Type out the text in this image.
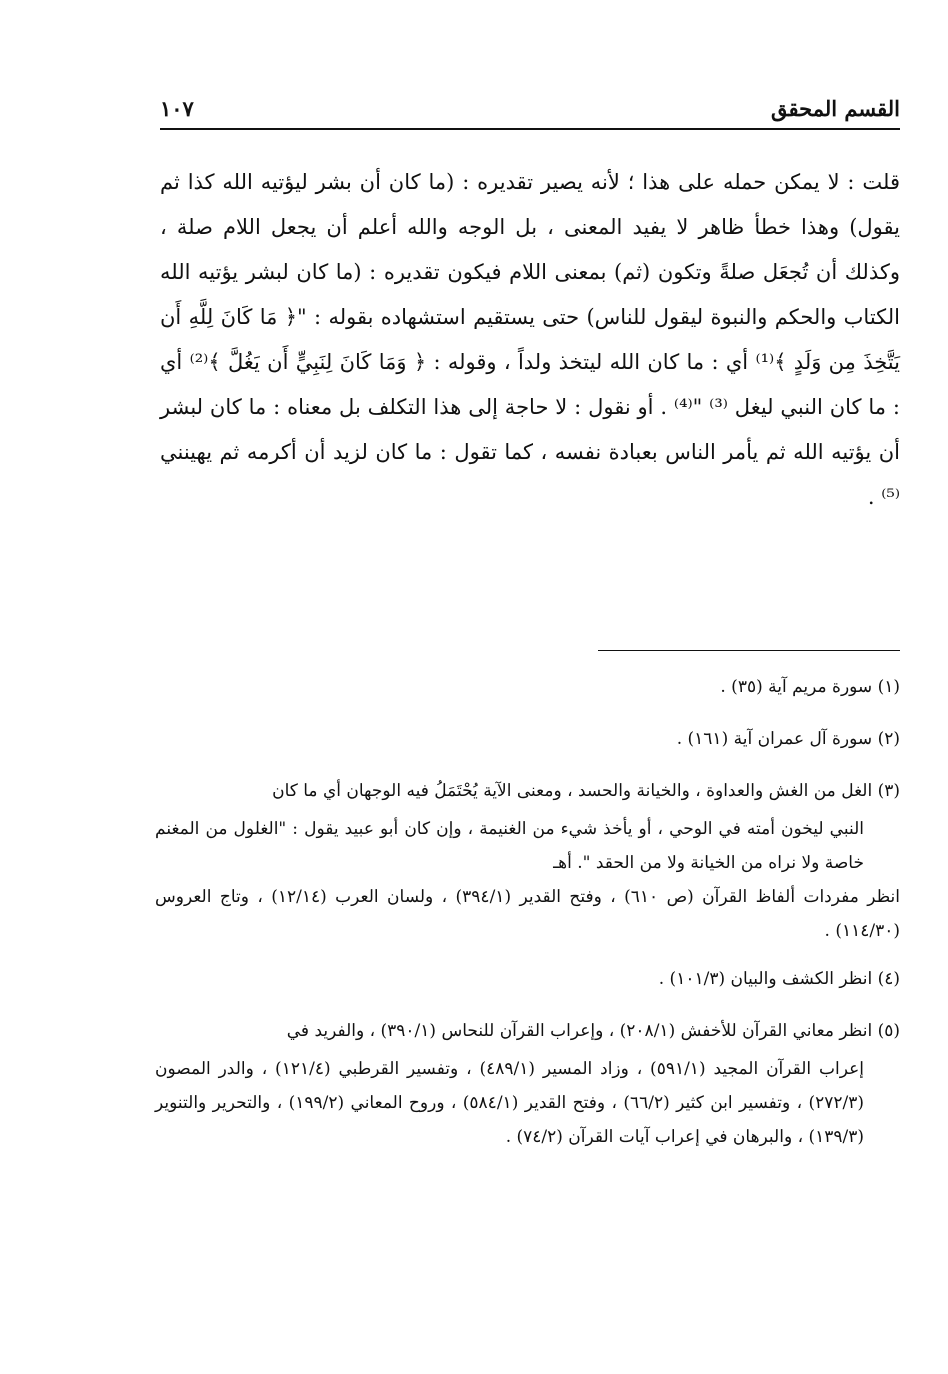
القسم المحقق
١٠٧

قلت : لا يمكن حمله على هذا ؛ لأنه يصير تقديره : (ما كان أن بشر ليؤتيه الله كذا ثم يقول) وهذا خطأ ظاهر لا يفيد المعنى ، بل الوجه والله أعلم أن يجعل اللام صلة ، وكذلك أن تُجعَل صلةً وتكون (ثم) بمعنى اللام فيكون تقديره : (ما كان لبشر يؤتيه الله الكتاب والحكم والنبوة ليقول للناس) حتى يستقيم استشهاده بقوله : "﴿ مَا كَانَ لِلَّهِ أَن يَتَّخِذَ مِن وَلَدٍ ﴾⁽¹⁾ أي : ما كان الله ليتخذ ولداً ، وقوله : ﴿ وَمَا كَانَ لِنَبِيٍّ أَن يَغُلَّ ﴾⁽²⁾ أي : ما كان النبي ليغل ⁽³⁾ "⁽⁴⁾ . أو نقول : لا حاجة إلى هذا التكلف بل معناه : ما كان لبشر أن يؤتيه الله ثم يأمر الناس بعبادة نفسه ، كما تقول : ما كان لزيد أن أكرمه ثم يهينني ⁽⁵⁾ .

(١) سورة مريم آية (٣٥) .

(٢) سورة آل عمران آية (١٦١) .

(٣) الغل من الغش والعداوة ، والخيانة والحسد ، ومعنى الآية يُحْتَمَلُ فيه الوجهان أي ما كان

النبي ليخون أمته في الوحي ، أو يأخذ شيء من الغنيمة ، وإن كان أبو عبيد يقول : "الغلول من المغنم خاصة ولا نراه من الخيانة ولا من الحقد ". أهـ

انظر مفردات ألفاظ القرآن (ص ٦١٠) ، وفتح القدير (٣٩٤/١) ، ولسان العرب (١٢/١٤) ، وتاج العروس (١١٤/٣٠) .

(٤) انظر الكشف والبيان (١٠١/٣) .

(٥) انظر معاني القرآن للأخفش (٢٠٨/١) ، وإعراب القرآن للنحاس (٣٩٠/١) ، والفريد في

إعراب القرآن المجيد (٥٩١/١) ، وزاد المسير (٤٨٩/١) ، وتفسير القرطبي (١٢١/٤) ، والدر المصون (٢٧٢/٣) ، وتفسير ابن كثير (٦٦/٢) ، وفتح القدير (٥٨٤/١) ، وروح المعاني (١٩٩/٢) ، والتحرير والتنوير (١٣٩/٣) ، والبرهان في إعراب آيات القرآن (٧٤/٢) .
